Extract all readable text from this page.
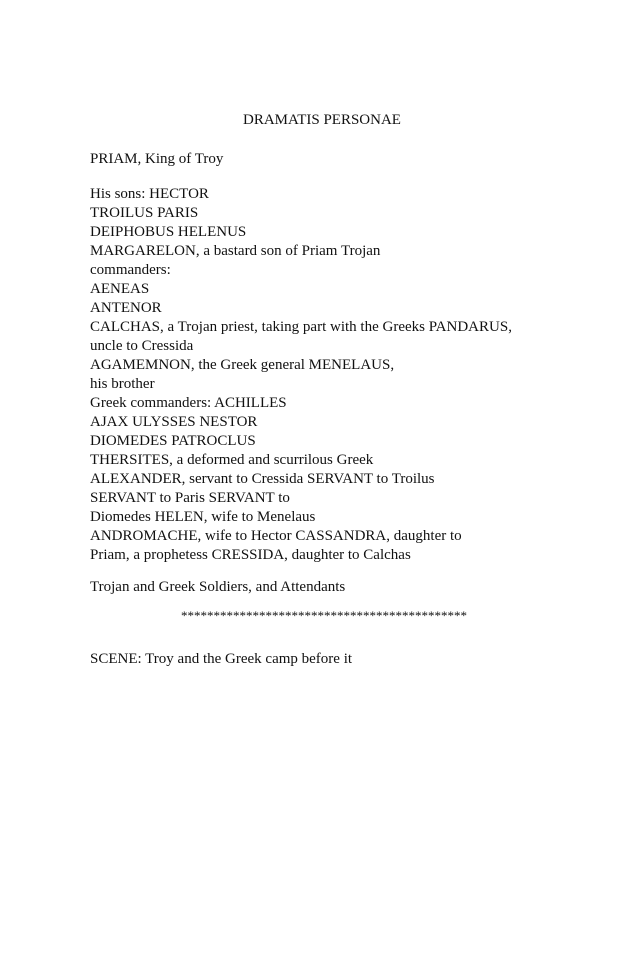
DRAMATIS PERSONAE
PRIAM, King of Troy
His sons: HECTOR
TROILUS PARIS
DEIPHOBUS HELENUS
MARGARELON, a bastard son of Priam Trojan
commanders:
AENEAS
ANTENOR
CALCHAS, a Trojan priest, taking part with the Greeks PANDARUS,
uncle to Cressida
AGAMEMNON, the Greek general MENELAUS,
his brother
Greek commanders: ACHILLES
AJAX ULYSSES NESTOR
DIOMEDES PATROCLUS
THERSITES, a deformed and scurrilous Greek
ALEXANDER, servant to Cressida SERVANT to Troilus
SERVANT to Paris SERVANT to
Diomedes HELEN, wife to Menelaus
ANDROMACHE, wife to Hector CASSANDRA, daughter to
Priam, a prophetess CRESSIDA, daughter to Calchas
Trojan and Greek Soldiers, and Attendants
********************************************
SCENE: Troy and the Greek camp before it
